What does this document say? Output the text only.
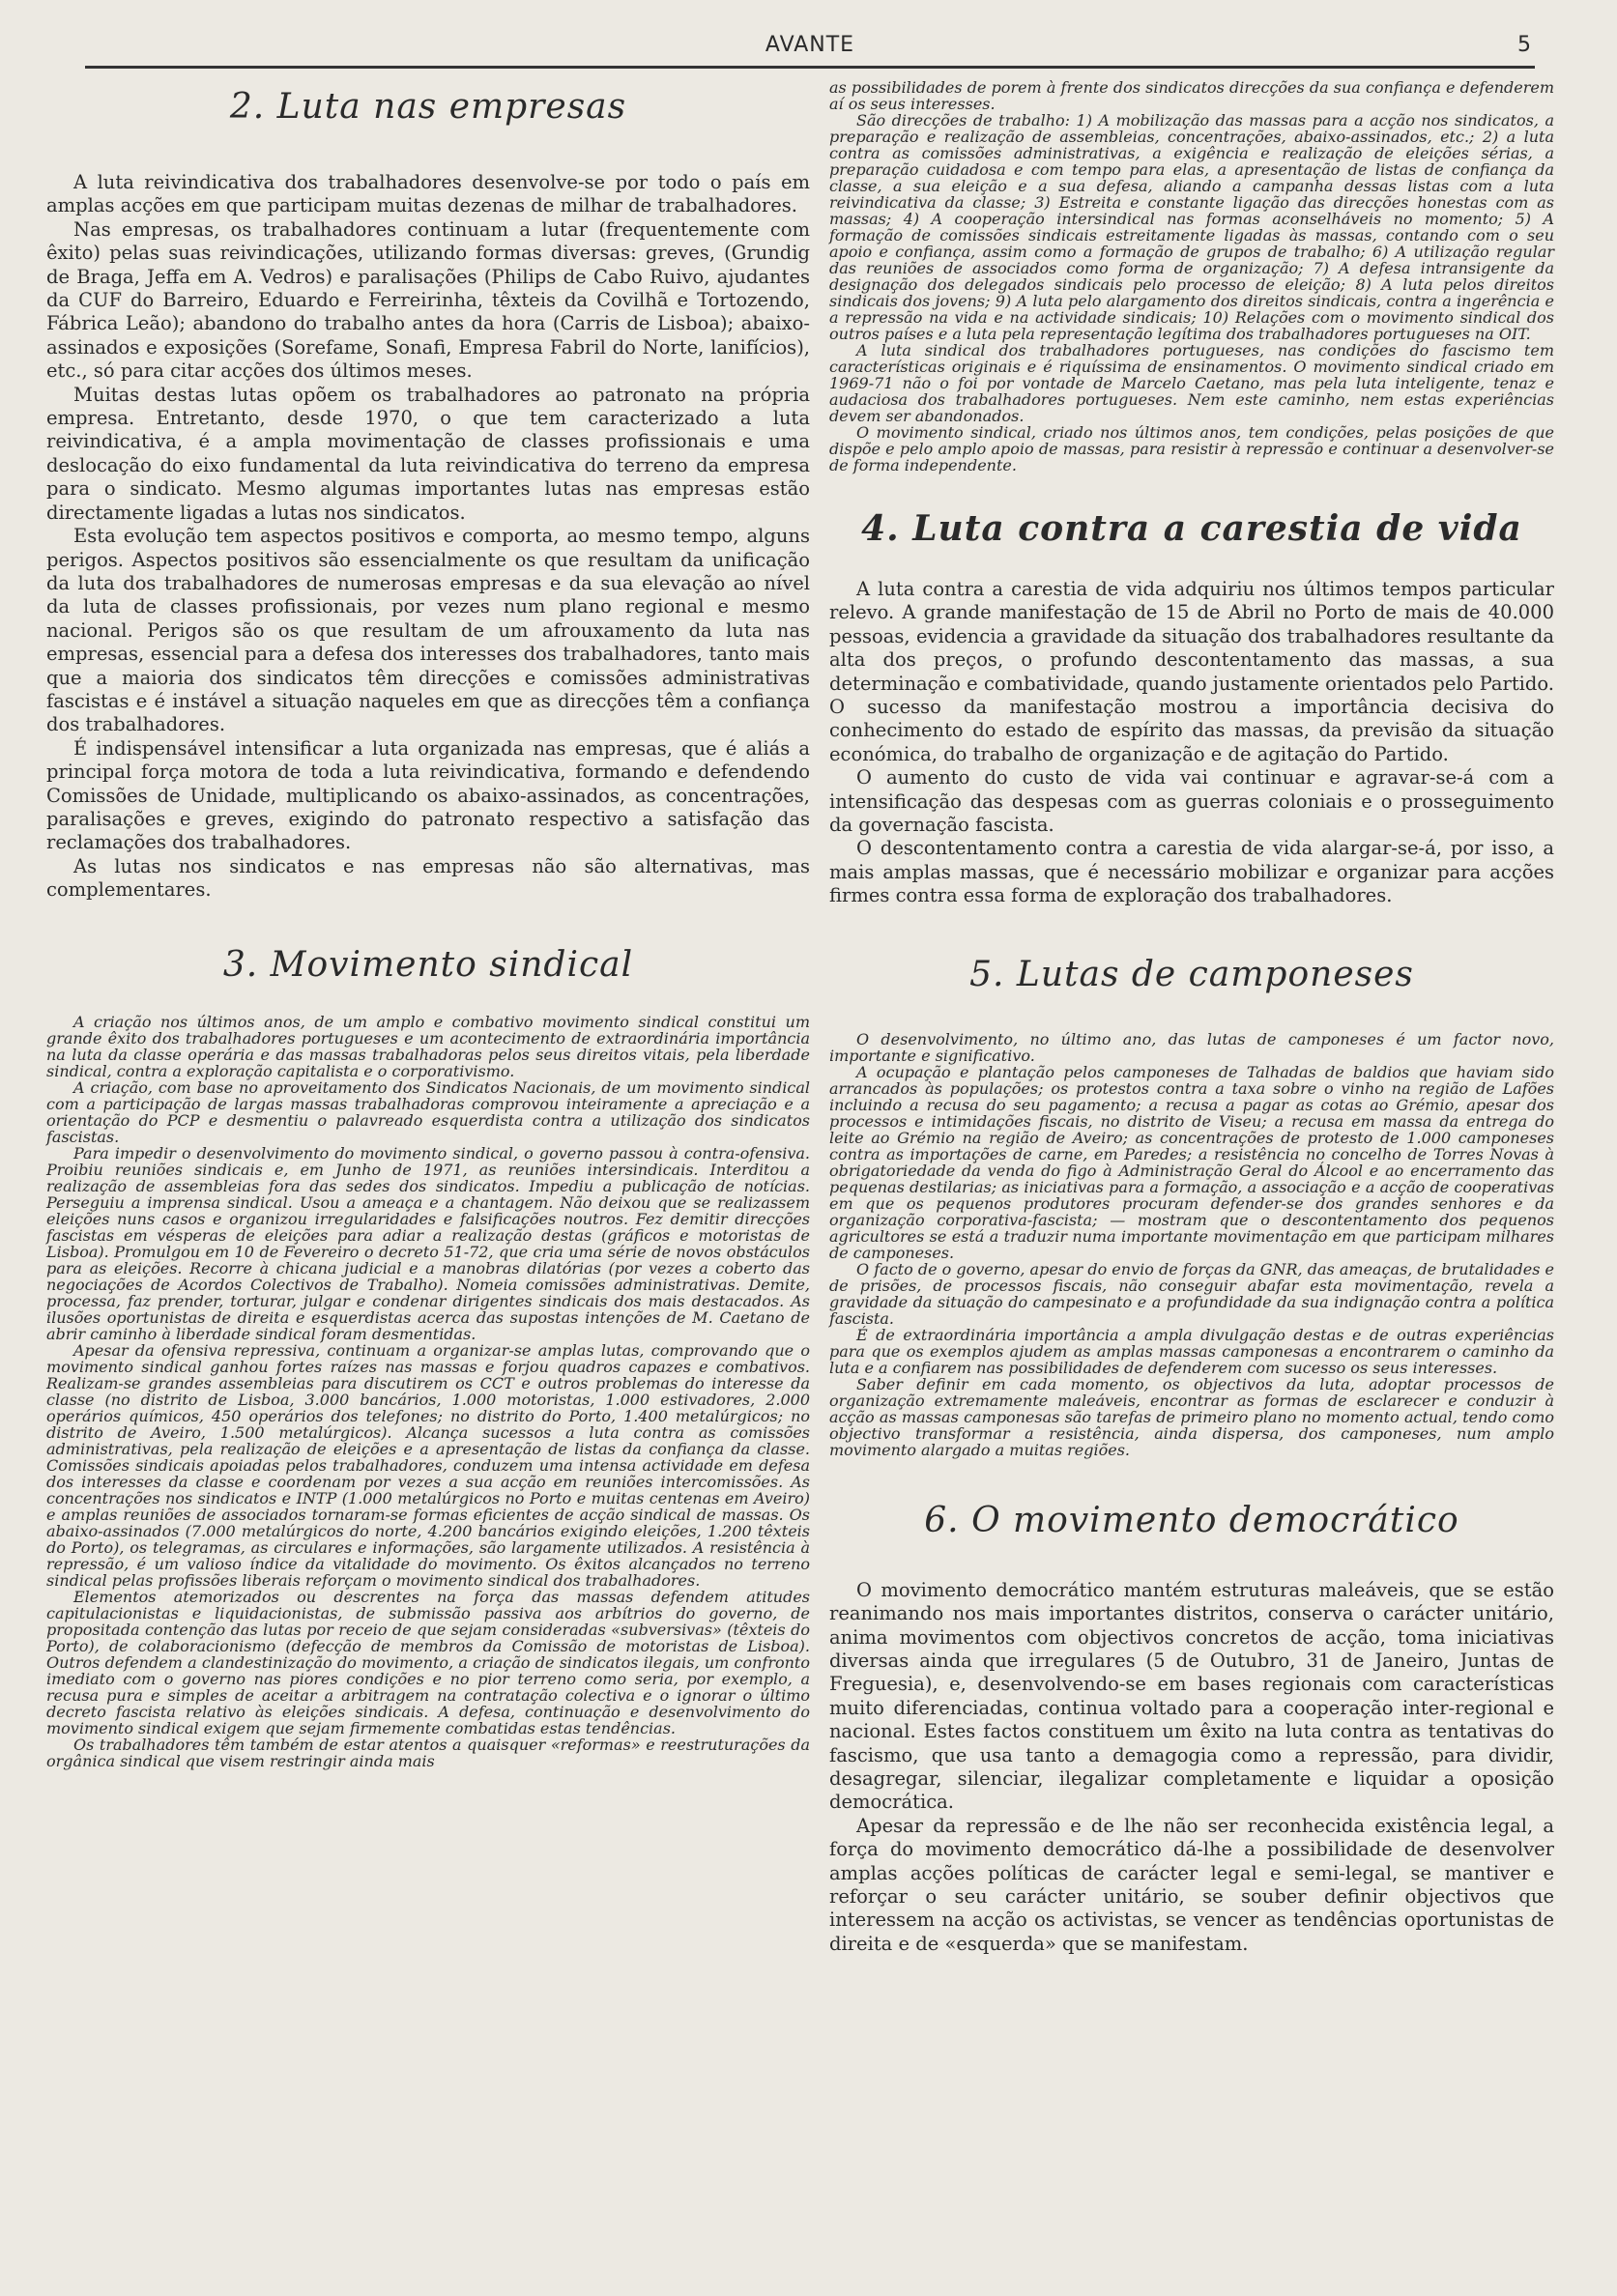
AVANTE	5
2. Luta nas empresas

A luta reivindicativa dos trabalhadores desenvolve-se por todo o país em amplas acções em que participam muitas dezenas de milhar de trabalhadores.

Nas empresas, os trabalhadores continuam a lutar (frequentemente com êxito) pelas suas reivindicações, utilizando formas diversas: greves, (Grundig de Braga, Jeffa em A. Vedros) e paralisações (Philips de Cabo Ruivo, ajudantes da CUF do Barreiro, Eduardo e Ferreirinha, têxteis da Covilhã e Tortozendo, Fábrica Leão); abandono do trabalho antes da hora (Carris de Lisboa); abaixo-assinados e exposições (Sorefame, Sonafi, Empresa Fabril do Norte, lanifícios), etc., só para citar acções dos últimos meses.

Muitas destas lutas opõem os trabalhadores ao patronato na própria empresa. Entretanto, desde 1970, o que tem caracterizado a luta reivindicativa, é a ampla movimentação de classes profissionais e uma deslocação do eixo fundamental da luta reivindicativa do terreno da empresa para o sindicato. Mesmo algumas importantes lutas nas empresas estão directamente ligadas a lutas nos sindicatos.

Esta evolução tem aspectos positivos e comporta, ao mesmo tempo, alguns perigos. Aspectos positivos são essencialmente os que resultam da unificação da luta dos trabalhadores de numerosas empresas e da sua elevação ao nível da luta de classes profissionais, por vezes num plano regional e mesmo nacional. Perigos são os que resultam de um afrouxamento da luta nas empresas, essencial para a defesa dos interesses dos trabalhadores, tanto mais que a maioria dos sindicatos têm direcções e comissões administrativas fascistas e é instável a situação naqueles em que as direcções têm a confiança dos trabalhadores.

É indispensável intensificar a luta organizada nas empresas, que é aliás a principal força motora de toda a luta reivindicativa, formando e defendendo Comissões de Unidade, multiplicando os abaixo-assinados, as concentrações, paralisações e greves, exigindo do patronato respectivo a satisfação das reclamações dos trabalhadores.

As lutas nos sindicatos e nas empresas não são alternativas, mas complementares.

3. Movimento sindical

A criação nos últimos anos, de um amplo e combativo movimento sindical constitui um grande êxito dos trabalhadores portugueses e um acontecimento de extraordinária importância na luta da classe operária e das massas trabalhadoras pelos seus direitos vitais, pela liberdade sindical, contra a exploração capitalista e o corporativismo.

A criação, com base no aproveitamento dos Sindicatos Nacionais, de um movimento sindical com a participação de largas massas trabalhadoras comprovou inteiramente a apreciação e a orientação do PCP e desmentiu o palavreado esquerdista contra a utilização dos sindicatos fascistas.

Para impedir o desenvolvimento do movimento sindical, o governo passou à contra-ofensiva. Proibiu reuniões sindicais e, em Junho de 1971, as reuniões intersindicais. Interditou a realização de assembleias fora das sedes dos sindicatos. Impediu a publicação de notícias. Perseguiu a imprensa sindical. Usou a ameaça e a chantagem. Não deixou que se realizassem eleições nuns casos e organizou irregularidades e falsificações noutros. Fez demitir direcções fascistas em vésperas de eleições para adiar a realização destas (gráficos e motoristas de Lisboa). Promulgou em 10 de Fevereiro o decreto 51-72, que cria uma série de novos obstáculos para as eleições. Recorre à chicana judicial e a manobras dilatórias (por vezes a coberto das negociações de Acordos Colectivos de Trabalho). Nomeia comissões administrativas. Demite, processa, faz prender, torturar, julgar e condenar dirigentes sindicais dos mais destacados. As ilusões oportunistas de direita e esquerdistas acerca das supostas intenções de M. Caetano de abrir caminho à liberdade sindical foram desmentidas.

Apesar da ofensiva repressiva, continuam a organizar-se amplas lutas, comprovando que o movimento sindical ganhou fortes raízes nas massas e forjou quadros capazes e combativos. Realizam-se grandes assembleias para discutirem os CCT e outros problemas do interesse da classe (no distrito de Lisboa, 3.000 bancários, 1.000 motoristas, 1.000 estivadores, 2.000 operários químicos, 450 operários dos telefones; no distrito do Porto, 1.400 metalúrgicos; no distrito de Aveiro, 1.500 metalúrgicos). Alcança sucessos a luta contra as comissões administrativas, pela realização de eleições e a apresentação de listas da confiança da classe. Comissões sindicais apoiadas pelos trabalhadores, conduzem uma intensa actividade em defesa dos interesses da classe e coordenam por vezes a sua acção em reuniões intercomissões. As concentrações nos sindicatos e INTP (1.000 metalúrgicos no Porto e muitas centenas em Aveiro) e amplas reuniões de associados tornaram-se formas eficientes de acção sindical de massas. Os abaixo-assinados (7.000 metalúrgicos do norte, 4.200 bancários exigindo eleições, 1.200 têxteis do Porto), os telegramas, as circulares e informações, são largamente utilizados. A resistência à repressão, é um valioso índice da vitalidade do movimento. Os êxitos alcançados no terreno sindical pelas profissões liberais reforçam o movimento sindical dos trabalhadores.

Elementos atemorizados ou descrentes na força das massas defendem atitudes capitulacionistas e liquidacionistas, de submissão passiva aos arbítrios do governo, de propositada contenção das lutas por receio de que sejam consideradas «subversivas» (têxteis do Porto), de colaboracionismo (defecção de membros da Comissão de motoristas de Lisboa). Outros defendem a clandestinização do movimento, a criação de sindicatos ilegais, um confronto imediato com o governo nas piores condições e no pior terreno como seria, por exemplo, a recusa pura e simples de aceitar a arbitragem na contratação colectiva e o ignorar o último decreto fascista relativo às eleições sindicais. A defesa, continuação e desenvolvimento do movimento sindical exigem que sejam firmemente combatidas estas tendências.

Os trabalhadores têm também de estar atentos a quaisquer «reformas» e reestruturações da orgânica sindical que visem restringir ainda mais

as possibilidades de porem à frente dos sindicatos direcções da sua confiança e defenderem aí os seus interesses.

São direcções de trabalho: 1) A mobilização das massas para a acção nos sindicatos, a preparação e realização de assembleias, concentrações, abaixo-assinados, etc.; 2) a luta contra as comissões administrativas, a exigência e realização de eleições sérias, a preparação cuidadosa e com tempo para elas, a apresentação de listas de confiança da classe, a sua eleição e a sua defesa, aliando a campanha dessas listas com a luta reivindicativa da classe; 3) Estreita e constante ligação das direcções honestas com as massas; 4) A cooperação intersindical nas formas aconselháveis no momento; 5) A formação de comissões sindicais estreitamente ligadas às massas, contando com o seu apoio e confiança, assim como a formação de grupos de trabalho; 6) A utilização regular das reuniões de associados como forma de organização; 7) A defesa intransigente da designação dos delegados sindicais pelo processo de eleição; 8) A luta pelos direitos sindicais dos jovens; 9) A luta pelo alargamento dos direitos sindicais, contra a ingerência e a repressão na vida e na actividade sindicais; 10) Relações com o movimento sindical dos outros países e a luta pela representação legítima dos trabalhadores portugueses na OIT.

A luta sindical dos trabalhadores portugueses, nas condições do fascismo tem características originais e é riquíssima de ensinamentos. O movimento sindical criado em 1969-71 não o foi por vontade de Marcelo Caetano, mas pela luta inteligente, tenaz e audaciosa dos trabalhadores portugueses. Nem este caminho, nem estas experiências devem ser abandonados.

O movimento sindical, criado nos últimos anos, tem condições, pelas posições de que dispõe e pelo amplo apoio de massas, para resistir à repressão e continuar a desenvolver-se de forma independente.

4. Luta contra a carestia de vida

A luta contra a carestia de vida adquiriu nos últimos tempos particular relevo. A grande manifestação de 15 de Abril no Porto de mais de 40.000 pessoas, evidencia a gravidade da situação dos trabalhadores resultante da alta dos preços, o profundo descontentamento das massas, a sua determinação e combatividade, quando justamente orientados pelo Partido. O sucesso da manifestação mostrou a importância decisiva do conhecimento do estado de espírito das massas, da previsão da situação económica, do trabalho de organização e de agitação do Partido.

O aumento do custo de vida vai continuar e agravar-se-á com a intensificação das despesas com as guerras coloniais e o prosseguimento da governação fascista.

O descontentamento contra a carestia de vida alargar-se-á, por isso, a mais amplas massas, que é necessário mobilizar e organizar para acções firmes contra essa forma de exploração dos trabalhadores.

5. Lutas de camponeses

O desenvolvimento, no último ano, das lutas de camponeses é um factor novo, importante e significativo.

A ocupação e plantação pelos camponeses de Talhadas de baldios que haviam sido arrancados às populações; os protestos contra a taxa sobre o vinho na região de Lafões incluindo a recusa do seu pagamento; a recusa a pagar as cotas ao Grémio, apesar dos processos e intimidações fiscais, no distrito de Viseu; a recusa em massa da entrega do leite ao Grémio na região de Aveiro; as concentrações de protesto de 1.000 camponeses contra as importações de carne, em Paredes; a resistência no concelho de Torres Novas à obrigatoriedade da venda do figo à Administração Geral do Álcool e ao encerramento das pequenas destilarias; as iniciativas para a formação, a associação e a acção de cooperativas em que os pequenos produtores procuram defender-se dos grandes senhores e da organização corporativa-fascista; — mostram que o descontentamento dos pequenos agricultores se está a traduzir numa importante movimentação em que participam milhares de camponeses.

O facto de o governo, apesar do envio de forças da GNR, das ameaças, de brutalidades e de prisões, de processos fiscais, não conseguir abafar esta movimentação, revela a gravidade da situação do campesinato e a profundidade da sua indignação contra a política fascista.

É de extraordinária importância a ampla divulgação destas e de outras experiências para que os exemplos ajudem as amplas massas camponesas a encontrarem o caminho da luta e a confiarem nas possibilidades de defenderem com sucesso os seus interesses.

Saber definir em cada momento, os objectivos da luta, adoptar processos de organização extremamente maleáveis, encontrar as formas de esclarecer e conduzir à acção as massas camponesas são tarefas de primeiro plano no momento actual, tendo como objectivo transformar a resistência, ainda dispersa, dos camponeses, num amplo movimento alargado a muitas regiões.

6. O movimento democrático

O movimento democrático mantém estruturas maleáveis, que se estão reanimando nos mais importantes distritos, conserva o carácter unitário, anima movimentos com objectivos concretos de acção, toma iniciativas diversas ainda que irregulares (5 de Outubro, 31 de Janeiro, Juntas de Freguesia), e, desenvolvendo-se em bases regionais com características muito diferenciadas, continua voltado para a cooperação inter-regional e nacional. Estes factos constituem um êxito na luta contra as tentativas do fascismo, que usa tanto a demagogia como a repressão, para dividir, desagregar, silenciar, ilegalizar completamente e liquidar a oposição democrática.

Apesar da repressão e de lhe não ser reconhecida existência legal, a força do movimento democrático dá-lhe a possibilidade de desenvolver amplas acções políticas de carácter legal e semi-legal, se mantiver e reforçar o seu carácter unitário, se souber definir objectivos que interessem na acção os activistas, se vencer as tendências oportunistas de direita e de «esquerda» que se manifestam.
